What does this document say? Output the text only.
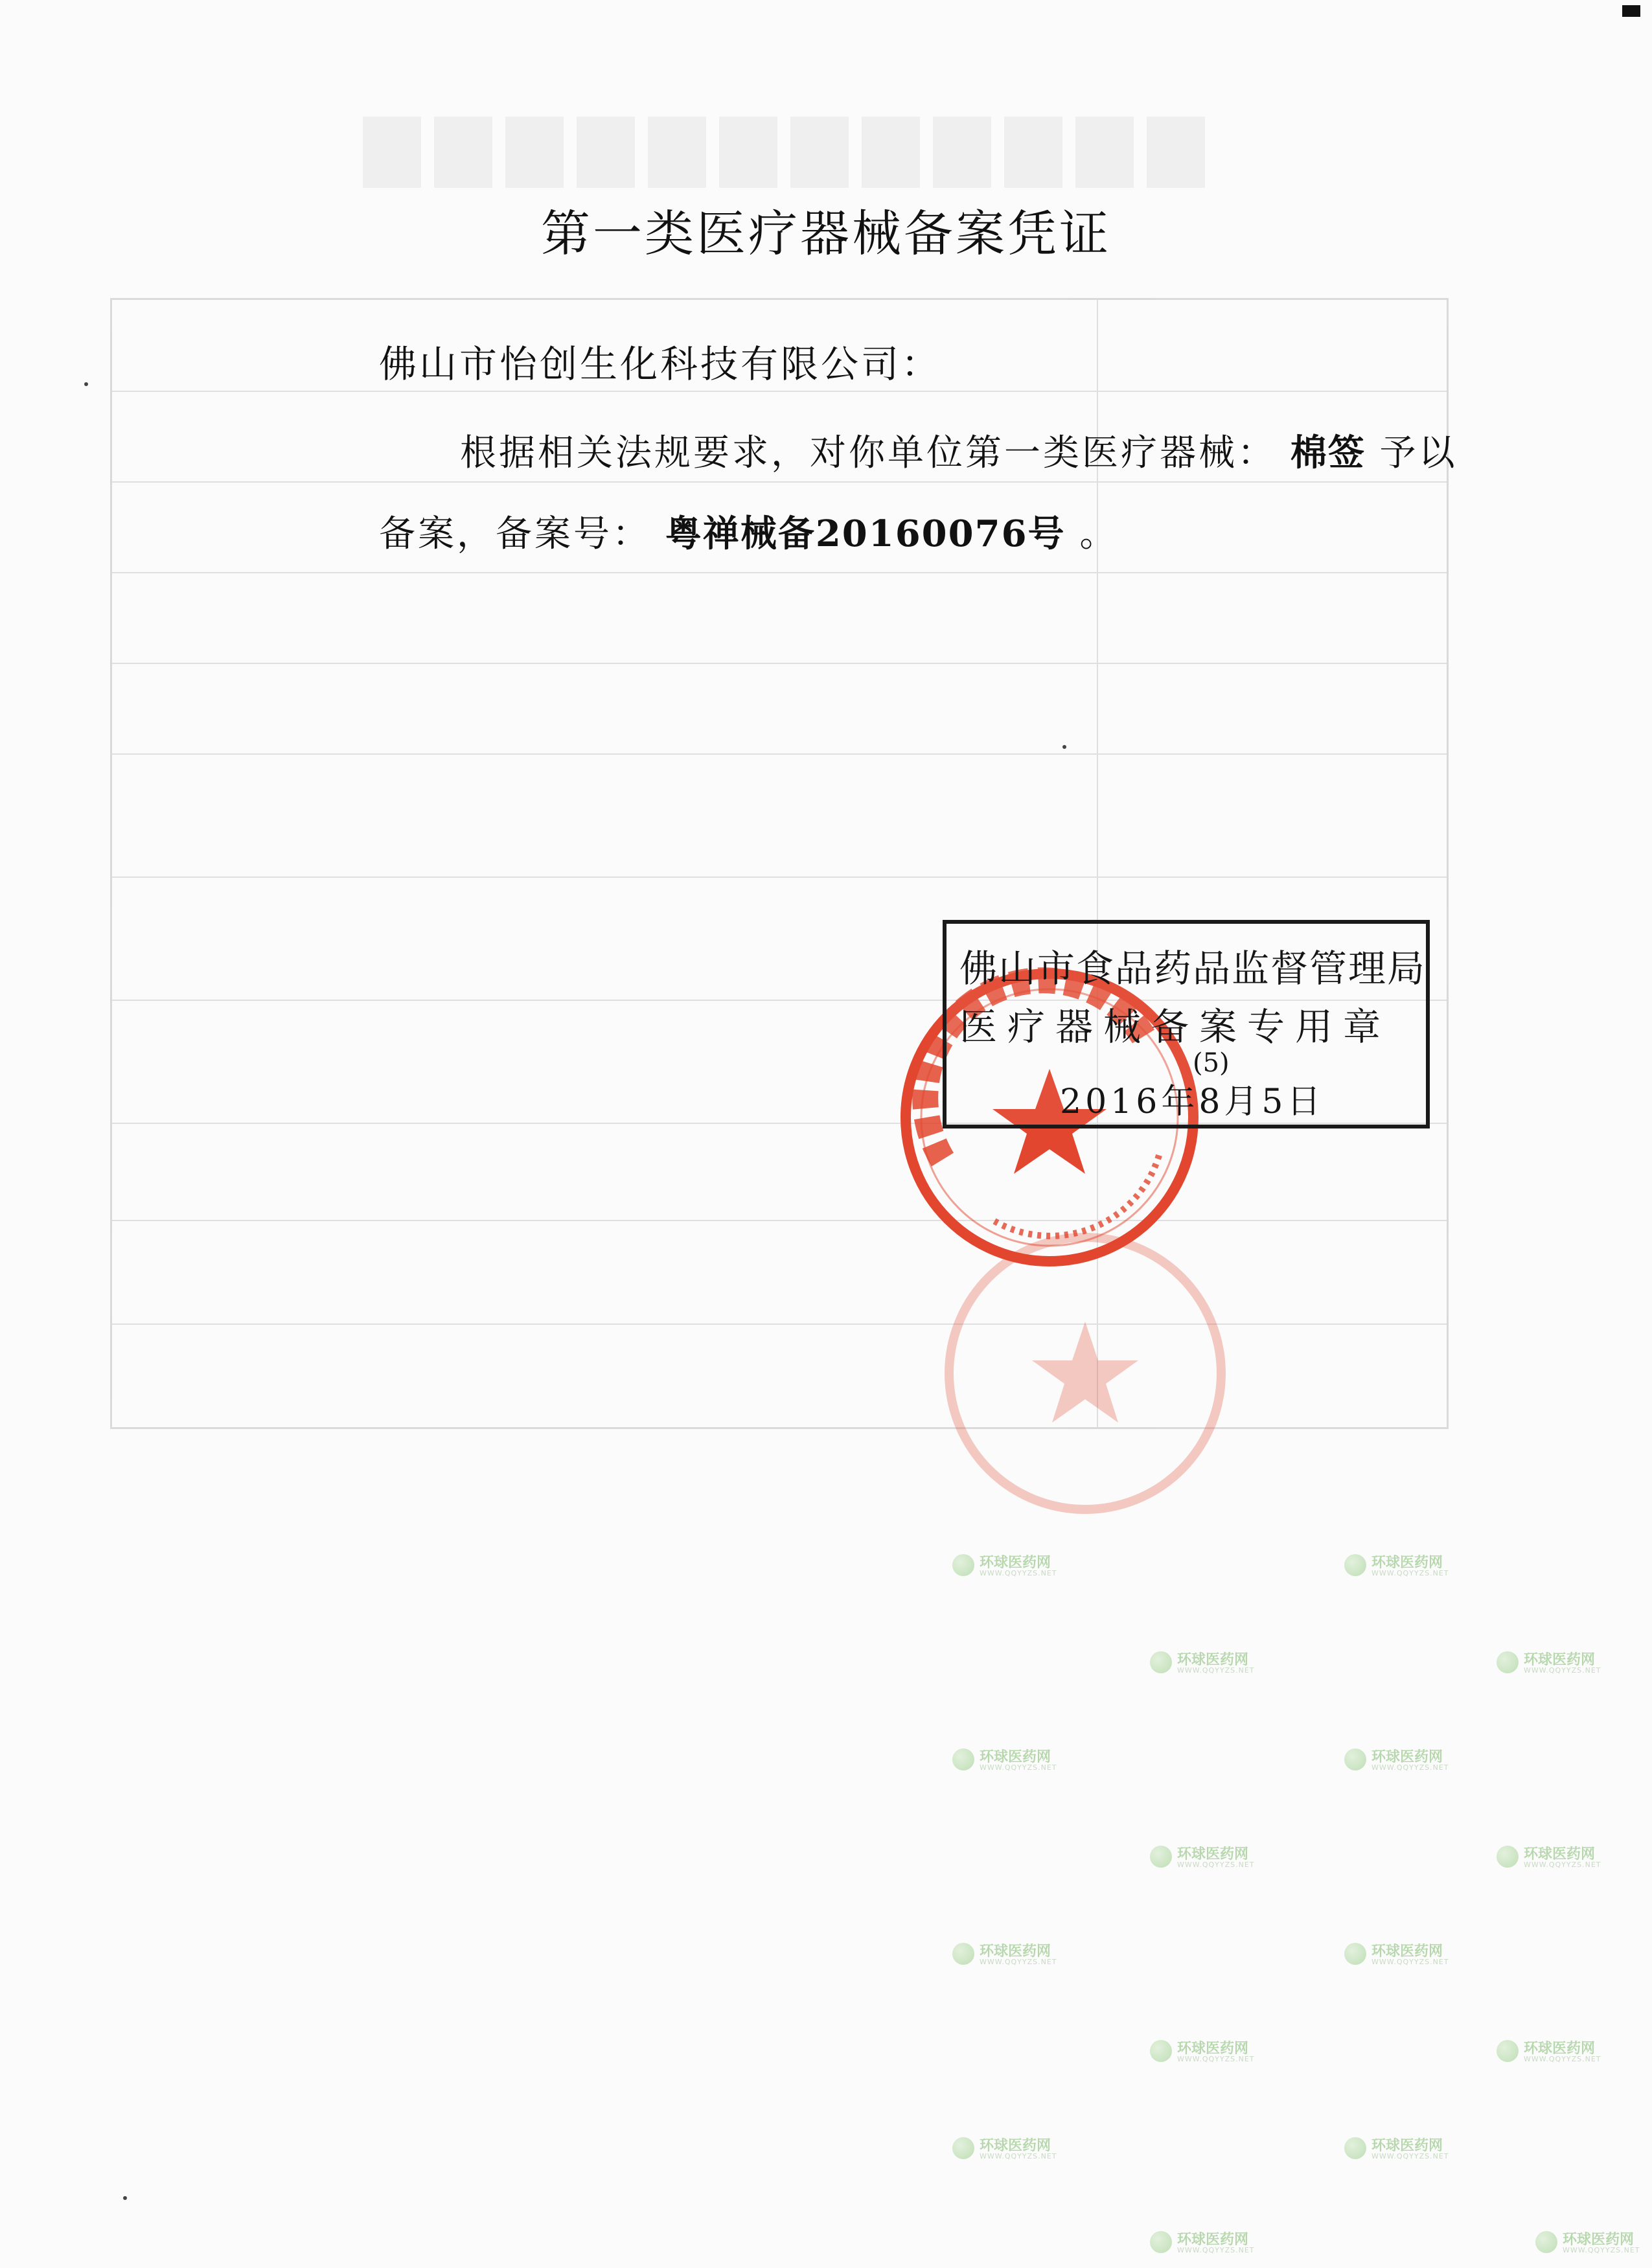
第一类医疗器械备案凭证
佛山市怡创生化科技有限公司：
根据相关法规要求，对你单位第一类医疗器械： 棉签 予以
备案，备案号： 粤禅械备20160076号 。
佛山市食品药品监督管理局
医疗器械备案专用章
(5)
2016年8月5日
环球医药网
WWW.QQYYZS.NET
环球医药网
WWW.QQYYZS.NET
环球医药网
WWW.QQYYZS.NET
环球医药网
WWW.QQYYZS.NET
环球医药网
WWW.QQYYZS.NET
环球医药网
WWW.QQYYZS.NET
环球医药网
WWW.QQYYZS.NET
环球医药网
WWW.QQYYZS.NET
环球医药网
WWW.QQYYZS.NET
环球医药网
WWW.QQYYZS.NET
环球医药网
WWW.QQYYZS.NET
环球医药网
WWW.QQYYZS.NET
环球医药网
WWW.QQYYZS.NET
环球医药网
WWW.QQYYZS.NET
环球医药网
WWW.QQYYZS.NET
环球医药网
WWW.QQYYZS.NET
